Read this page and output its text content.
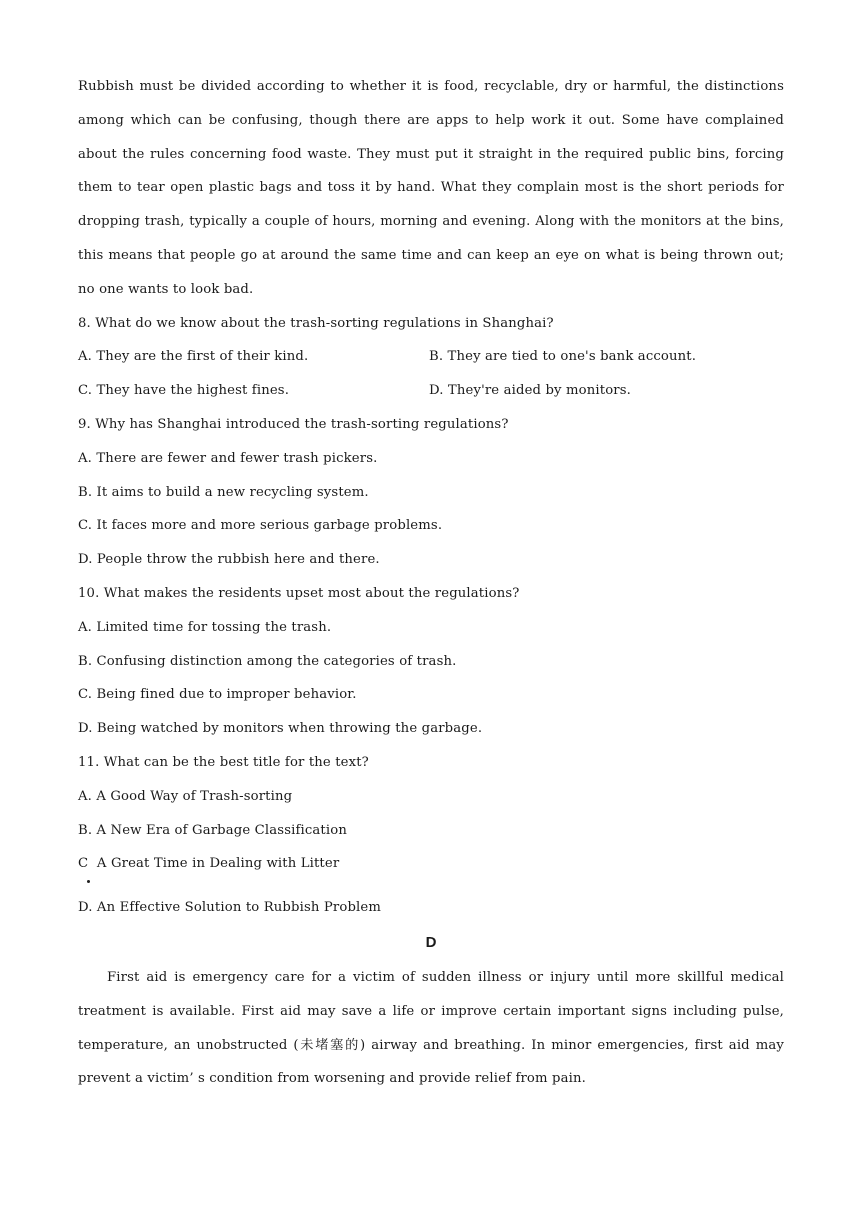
Rubbish must be divided according to whether it is food, recyclable, dry or harmful, the distinctions among which can be confusing, though there are apps to help work it out. Some have complained about the rules concerning food waste. They must put it straight in the required public bins, forcing them to tear open plastic bags and toss it by hand. What they complain most is the short periods for dropping trash, typically a couple of hours, morning and evening. Along with the monitors at the bins, this means that people go at around the same time and can keep an eye on what is being thrown out; no one wants to look bad.

8. What do we know about the trash-sorting regulations in Shanghai?

A. They are the first of their kind.	B. They are tied to one's bank account.
C. They have the highest fines.	D. They're aided by monitors.

9. Why has Shanghai introduced the trash-sorting regulations?

A. There are fewer and fewer trash pickers.

B. It aims to build a new recycling system.

C. It faces more and more serious garbage problems.

D. People throw the rubbish here and there.

10. What makes the residents upset most about the regulations?

A. Limited time for tossing the trash.

B. Confusing distinction among the categories of trash.

C. Being fined due to improper behavior.

D. Being watched by monitors when throwing the garbage.

11. What can be the best title for the text?

A. A Good Way of Trash-sorting

B. A New Era of Garbage Classification

C  A Great Time in Dealing with Litter

D. An Effective Solution to Rubbish Problem

D

First aid is emergency care for a victim of sudden illness or injury until more skillful medical treatment is available. First aid may save a life or improve certain important signs including pulse, temperature, an unobstructed (未堵塞的) airway and breathing. In minor emergencies, first aid may prevent a victim’ s condition from worsening and provide relief from pain.
